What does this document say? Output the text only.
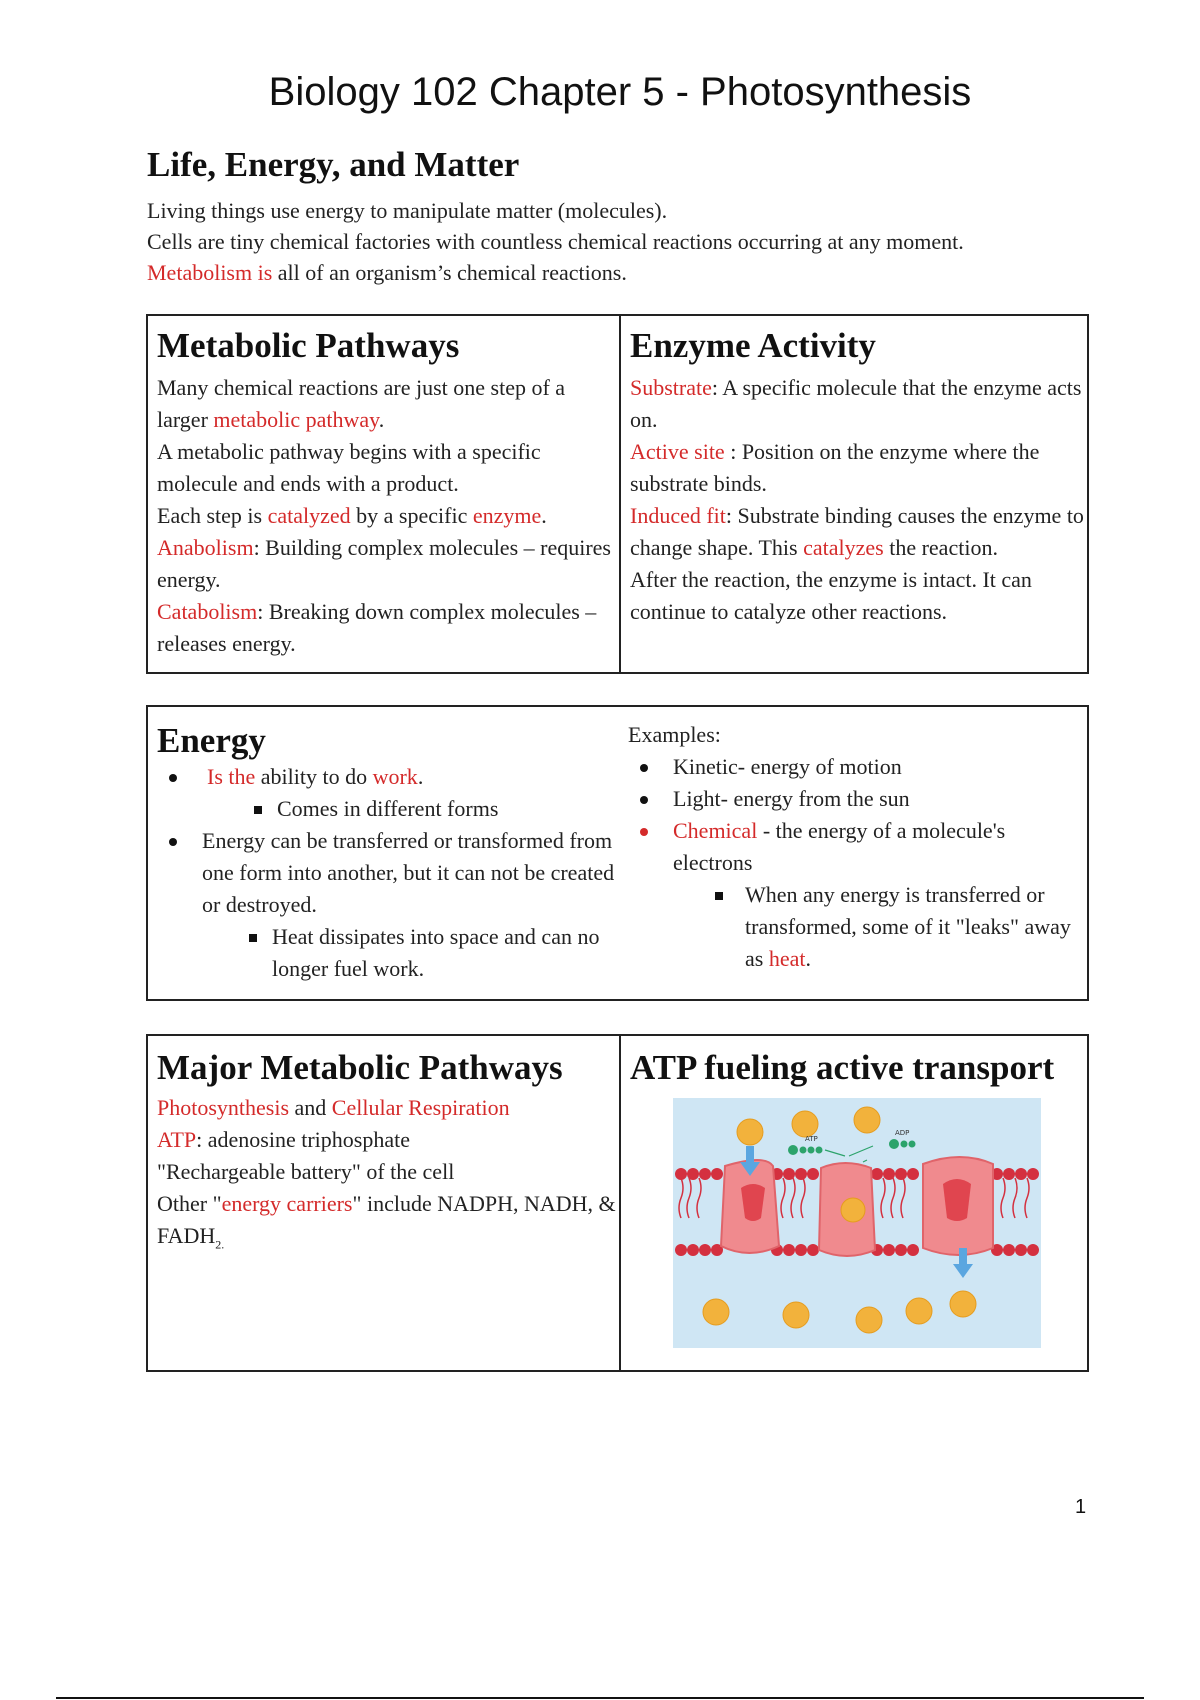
Biology 102 Chapter 5 - Photosynthesis
Life, Energy, and Matter

Living things use energy to manipulate matter (molecules).

Cells are tiny chemical factories with countless chemical reactions occurring at any moment.

Metabolism is all of an organism’s chemical reactions.

Metabolic Pathways

Many chemical reactions are just one step of a larger metabolic pathway.

A metabolic pathway begins with a specific molecule and ends with a product.

Each step is catalyzed by a specific enzyme.

Anabolism: Building complex molecules – requires energy.

Catabolism: Breaking down complex molecules – releases energy.

Enzyme Activity

Substrate: A specific molecule that the enzyme acts on.

Active site : Position on the enzyme where the substrate binds.

Induced fit: Substrate binding causes the enzyme to change shape. This catalyzes the reaction.

After the reaction, the enzyme is intact. It can continue to catalyze other reactions.

Energy
Is the ability to do work.
Comes in different forms
Energy can be transferred or transformed from one form into another, but it can not be created or destroyed.
Heat dissipates into space and can no longer fuel work.

Examples:

Kinetic- energy of motion
Light- energy from the sun
Chemical - the energy of a molecule's electrons
When any energy is transferred or transformed, some of it "leaks" away as heat.
Major Metabolic Pathways

Photosynthesis and Cellular Respiration

ATP: adenosine triphosphate

"Rechargeable battery" of the cell

Other "energy carriers" include NADPH, NADH, & $FADH_{2.}$

ATP fueling active transport
ATP
ADP
1
